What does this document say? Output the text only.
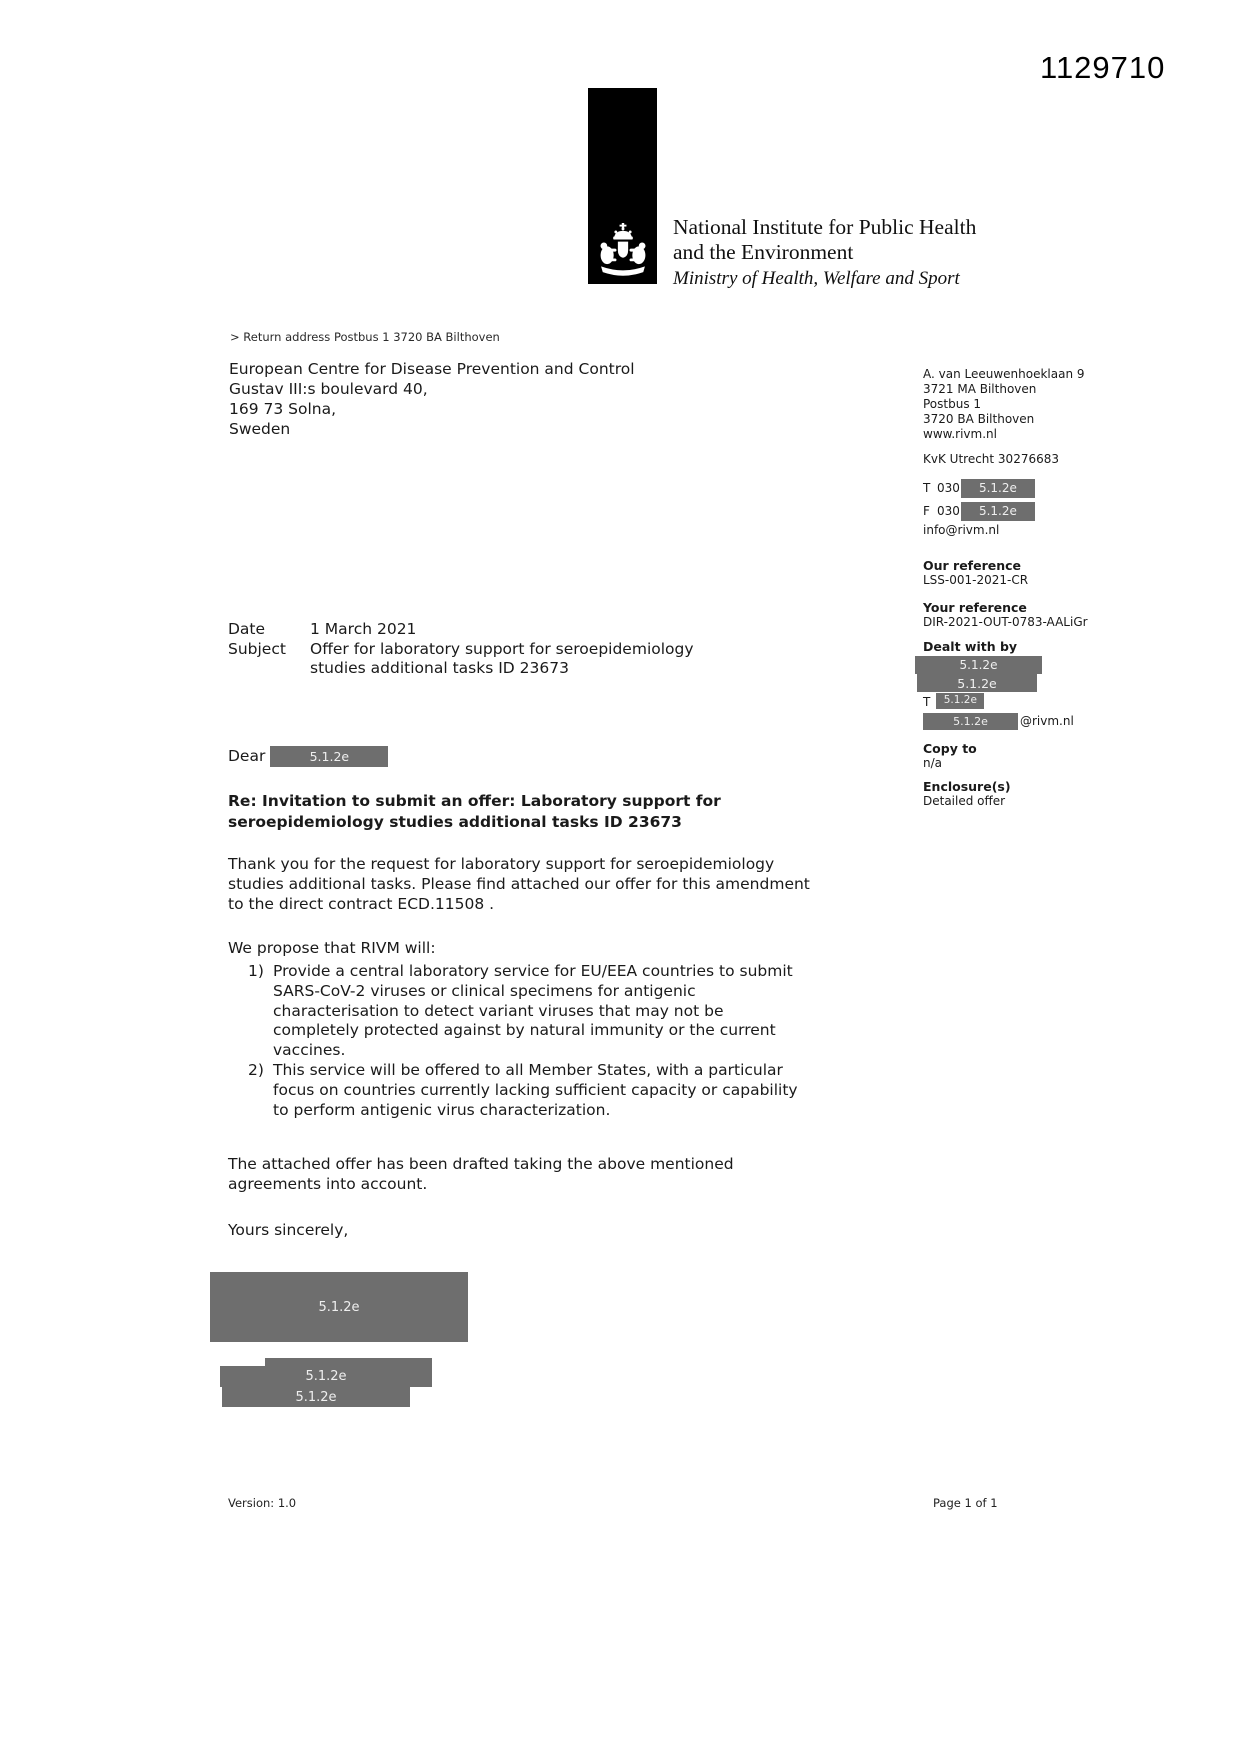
1129710
National Institute for Public Health
and the Environment
Ministry of Health, Welfare and Sport
> Return address Postbus 1 3720 BA Bilthoven
European Centre for Disease Prevention and Control
Gustav III:s boulevard 40,
169 73 Solna,
Sweden
A. van Leeuwenhoeklaan 9
3721 MA Bilthoven
Postbus 1
3720 BA Bilthoven
www.rivm.nl
KvK Utrecht 30276683
T 030	5.1.2e
F 030	5.1.2e
info@rivm.nl
Our reference
LSS-001-2021-CR
Your reference
DIR-2021-OUT-0783-AALiGr
Dealt with by
5.1.2e 5.1.2e
T	5.1.2e
5.1.2e	@rivm.nl
Copy to
n/a
Enclosure(s)
Detailed offer
Date	1 March 2021
Subject	Offer for laboratory support for seroepidemiology
studies additional tasks ID 23673
Dear	5.1.2e
Re: Invitation to submit an offer: Laboratory support for
seroepidemiology studies additional tasks ID 23673
Thank you for the request for laboratory support for seroepidemiology
studies additional tasks. Please find attached our offer for this amendment
to the direct contract ECD.11508 .
We propose that RIVM will:
1) Provide a central laboratory service for EU/EEA countries to submit
SARS-CoV-2 viruses or clinical specimens for antigenic
characterisation to detect variant viruses that may not be
completely protected against by natural immunity or the current
vaccines.
2) This service will be offered to all Member States, with a particular
focus on countries currently lacking sufficient capacity or capability
to perform antigenic virus characterization.
The attached offer has been drafted taking the above mentioned
agreements into account.
Yours sincerely,
5.1.2e
5.1.2e
5.1.2e
Version: 1.0	Page 1 of 1
